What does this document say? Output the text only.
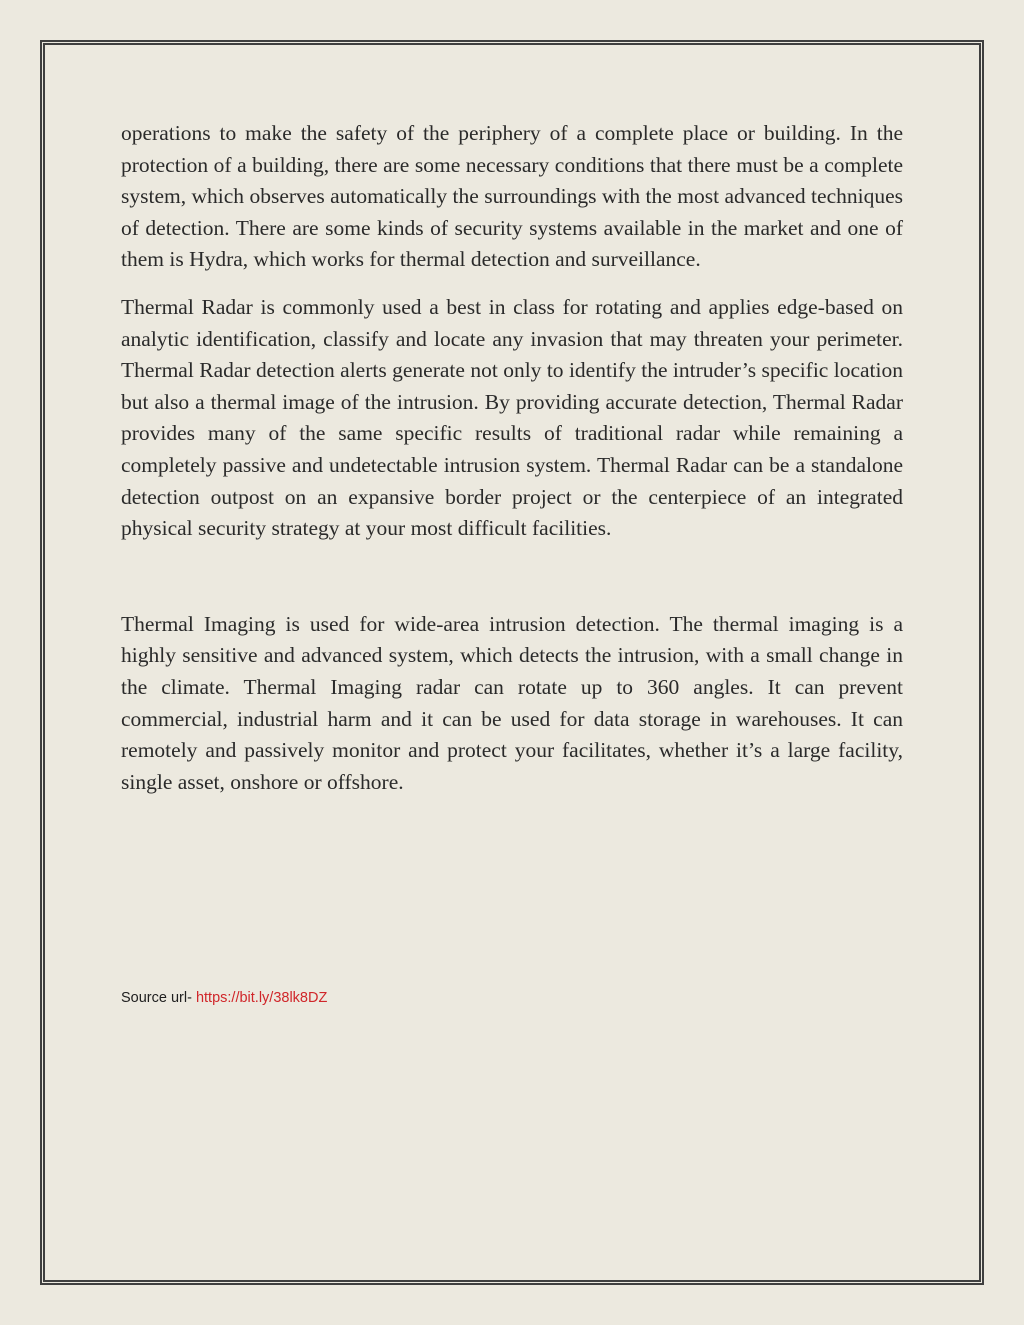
operations to make the safety of the periphery of a complete place or building. In the protection of a building, there are some necessary conditions that there must be a complete system, which observes automatically the surroundings with the most advanced techniques of detection. There are some kinds of security systems available in the market and one of them is Hydra, which works for thermal detection and surveillance.

Thermal Radar is commonly used a best in class for rotating and applies edge-based on analytic identification, classify and locate any invasion that may threaten your perimeter. Thermal Radar detection alerts generate not only to identify the intruder’s specific location but also a thermal image of the intrusion. By providing accurate detection, Thermal Radar provides many of the same specific results of traditional radar while remaining a completely passive and undetectable intrusion system. Thermal Radar can be a standalone detection outpost on an expansive border project or the centerpiece of an integrated physical security strategy at your most difficult facilities.

Thermal Imaging is used for wide-area intrusion detection. The thermal imaging is a highly sensitive and advanced system, which detects the intrusion, with a small change in the climate. Thermal Imaging radar can rotate up to 360 angles. It can prevent commercial, industrial harm and it can be used for data storage in warehouses. It can remotely and passively monitor and protect your facilitates, whether it’s a large facility, single asset, onshore or offshore.

Source url- https://bit.ly/38lk8DZ
